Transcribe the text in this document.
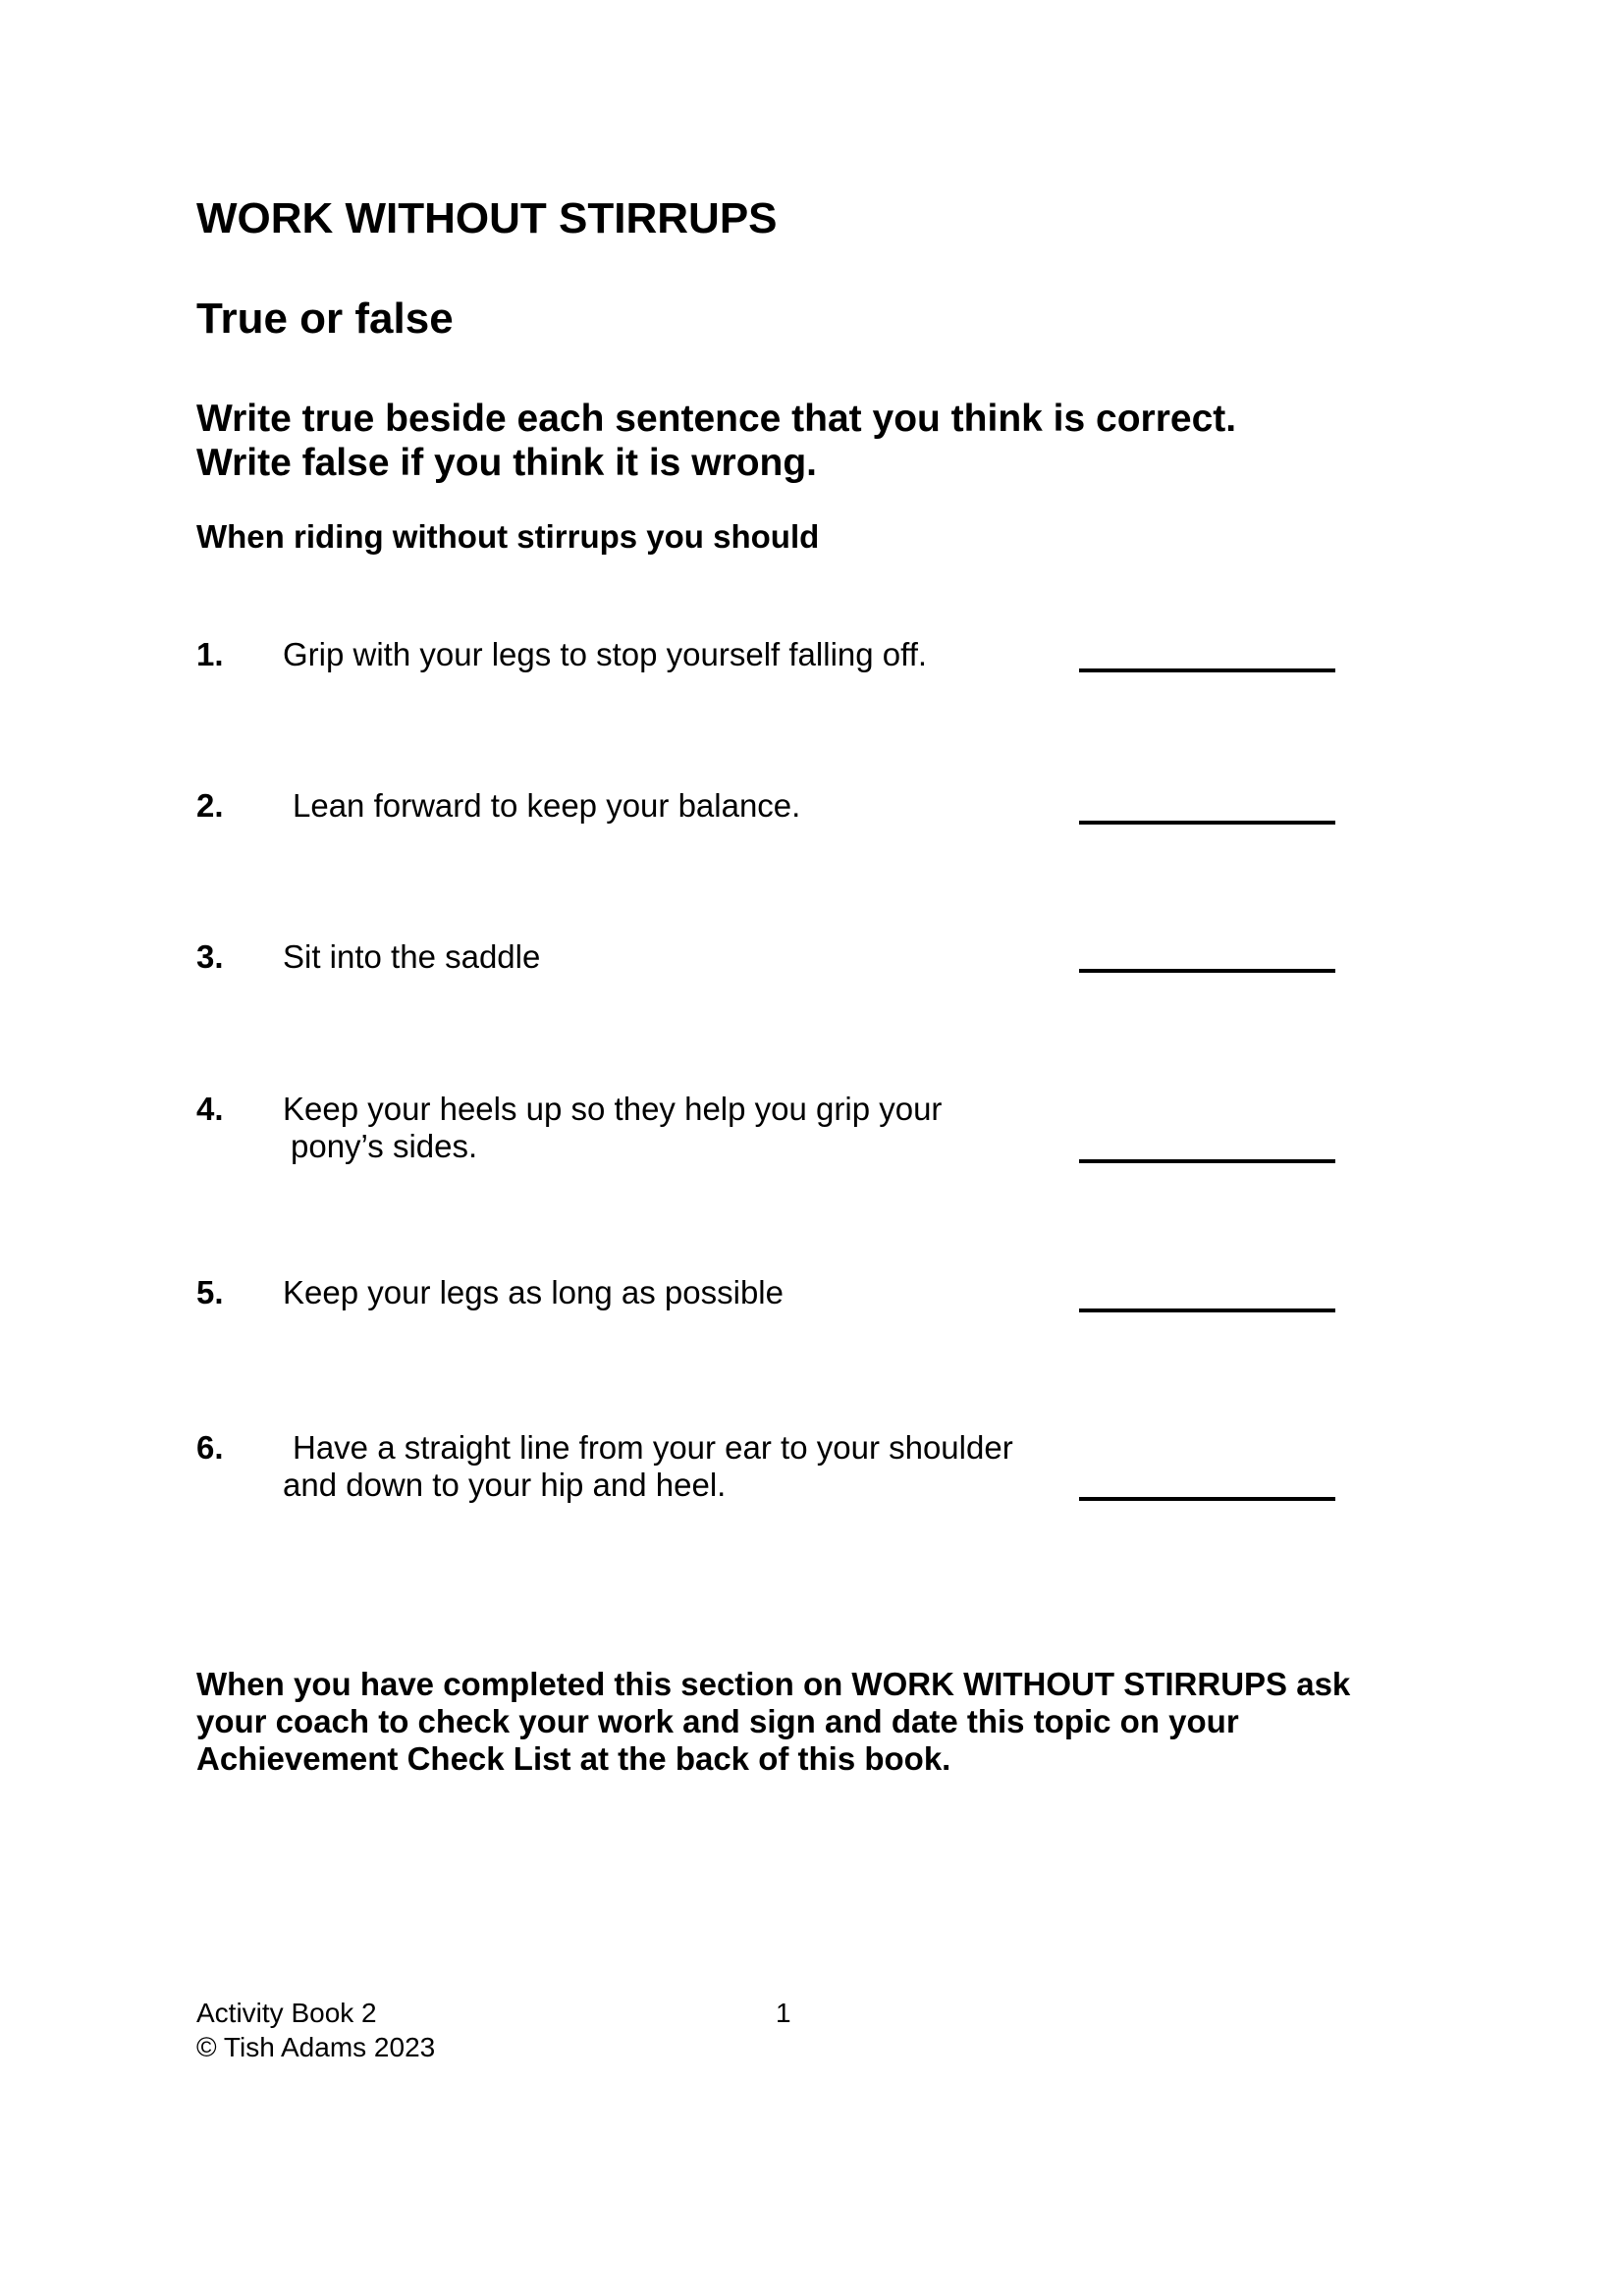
WORK WITHOUT STIRRUPS
True or false
Write true beside each sentence that you think is correct.
Write false if you think it is wrong.
When riding without stirrups you should
1. Grip with your legs to stop yourself falling off.
2.	Lean forward to keep your balance.
3. Sit into the saddle
4. Keep your heels up so they help you grip your
pony’s sides.
5. Keep your legs as long as possible
6.	Have a straight line from your ear to your shoulder
and down to your hip and heel.
When you have completed this section on WORK WITHOUT STIRRUPS ask
your coach to check your work and sign and date this topic on your
Achievement Check List at the back of this book.
Activity Book 2
© Tish Adams 2023
1
